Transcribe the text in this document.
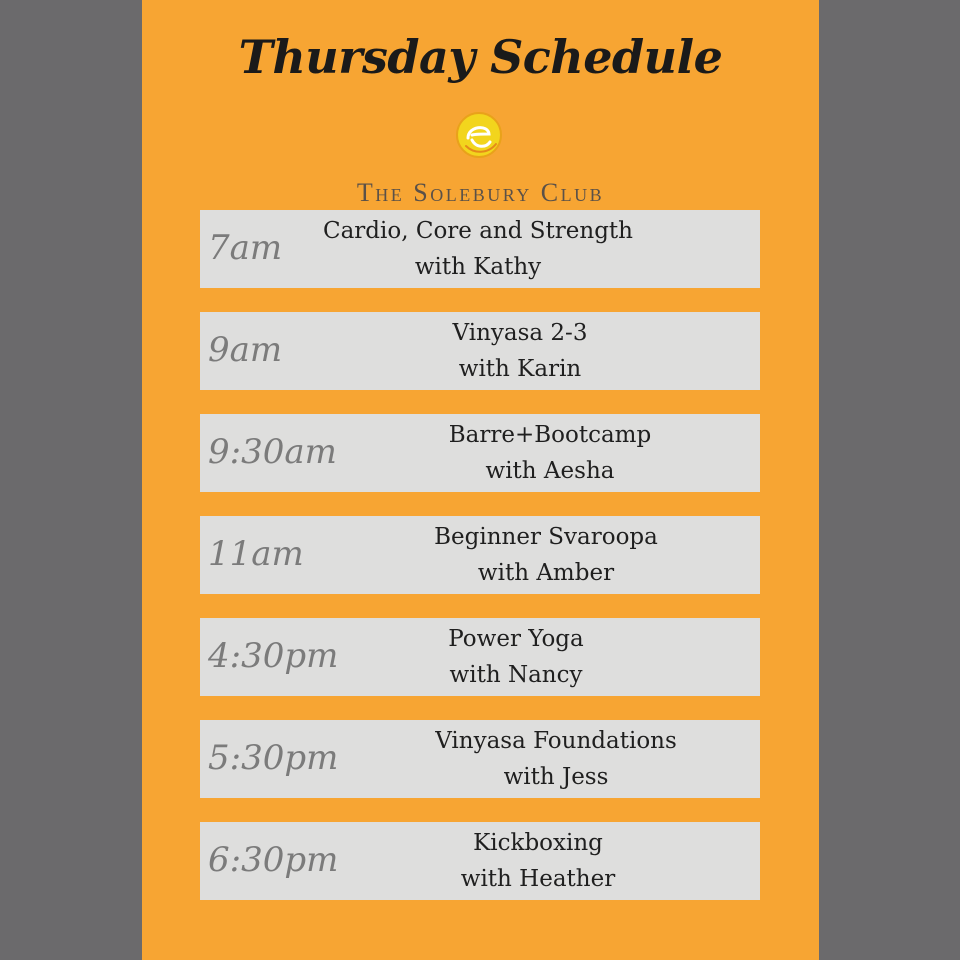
Thursday Schedule
The Solebury Club
7am	Cardio, Core and Strength
with Kathy
9am	Vinyasa 2-3
with Karin
9:30am	Barre+Bootcamp
with Aesha
11am	Beginner Svaroopa
with Amber
4:30pm	Power Yoga
with Nancy
5:30pm	Vinyasa Foundations
with Jess
6:30pm	Kickboxing
with Heather
